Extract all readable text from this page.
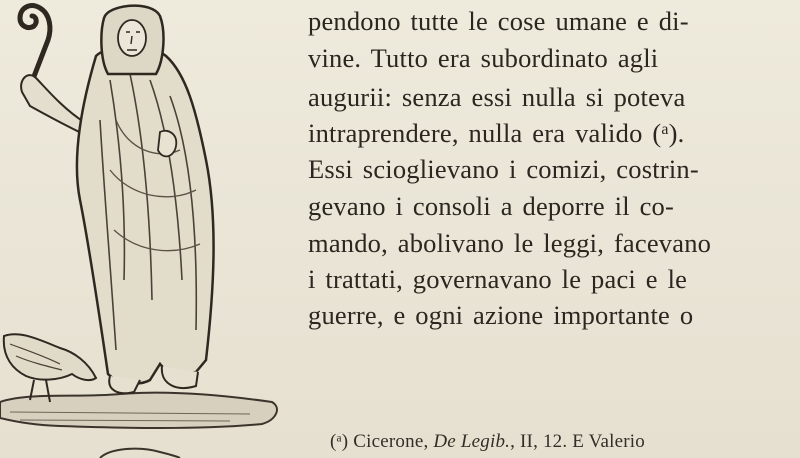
pendono tutte le cose umane e di-
vine. Tutto era subordinato agli
augurii: senza essi nulla si poteva
intraprendere, nulla era valido ($^a$).
Essi scioglievano i comizi, costrin-
gevano i consoli a deporre il co-
mando, abolivano le leggi, facevano
i trattati, governavano le paci e le
guerre, e ogni azione importante o
($^a$) Cicerone, De Legib., II, 12. E Valerio
